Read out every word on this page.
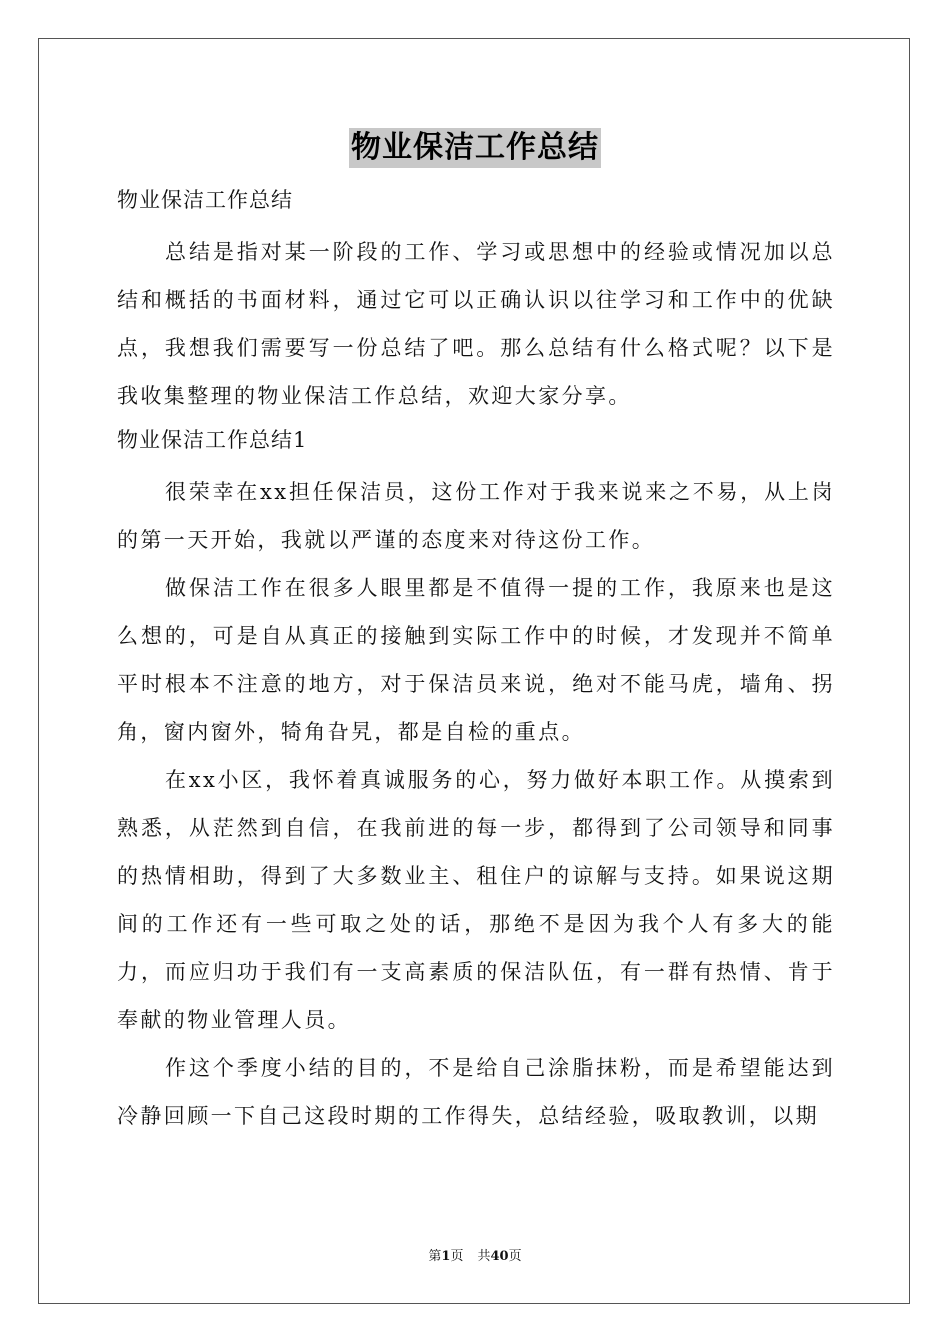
物业保洁工作总结
物业保洁工作总结

总结是指对某一阶段的工作、学习或思想中的经验或情况加以总结和概括的书面材料，通过它可以正确认识以往学习和工作中的优缺点，我想我们需要写一份总结了吧。那么总结有什么格式呢？以下是我收集整理的物业保洁工作总结，欢迎大家分享。

物业保洁工作总结1

很荣幸在xx担任保洁员，这份工作对于我来说来之不易，从上岗的第一天开始，我就以严谨的态度来对待这份工作。

做保洁工作在很多人眼里都是不值得一提的工作，我原来也是这么想的，可是自从真正的接触到实际工作中的时候，才发现并不简单平时根本不注意的地方，对于保洁员来说，绝对不能马虎，墙角、拐角，窗内窗外，犄角旮旯，都是自检的重点。

在xx小区，我怀着真诚服务的心，努力做好本职工作。从摸索到熟悉，从茫然到自信，在我前进的每一步，都得到了公司领导和同事的热情相助，得到了大多数业主、租住户的谅解与支持。如果说这期间的工作还有一些可取之处的话，那绝不是因为我个人有多大的能力，而应归功于我们有一支高素质的保洁队伍，有一群有热情、肯于奉献的物业管理人员。

作这个季度小结的目的，不是给自己涂脂抹粉，而是希望能达到冷静回顾一下自己这段时期的工作得失，总结经验，吸取教训，以期

第1页 共40页
